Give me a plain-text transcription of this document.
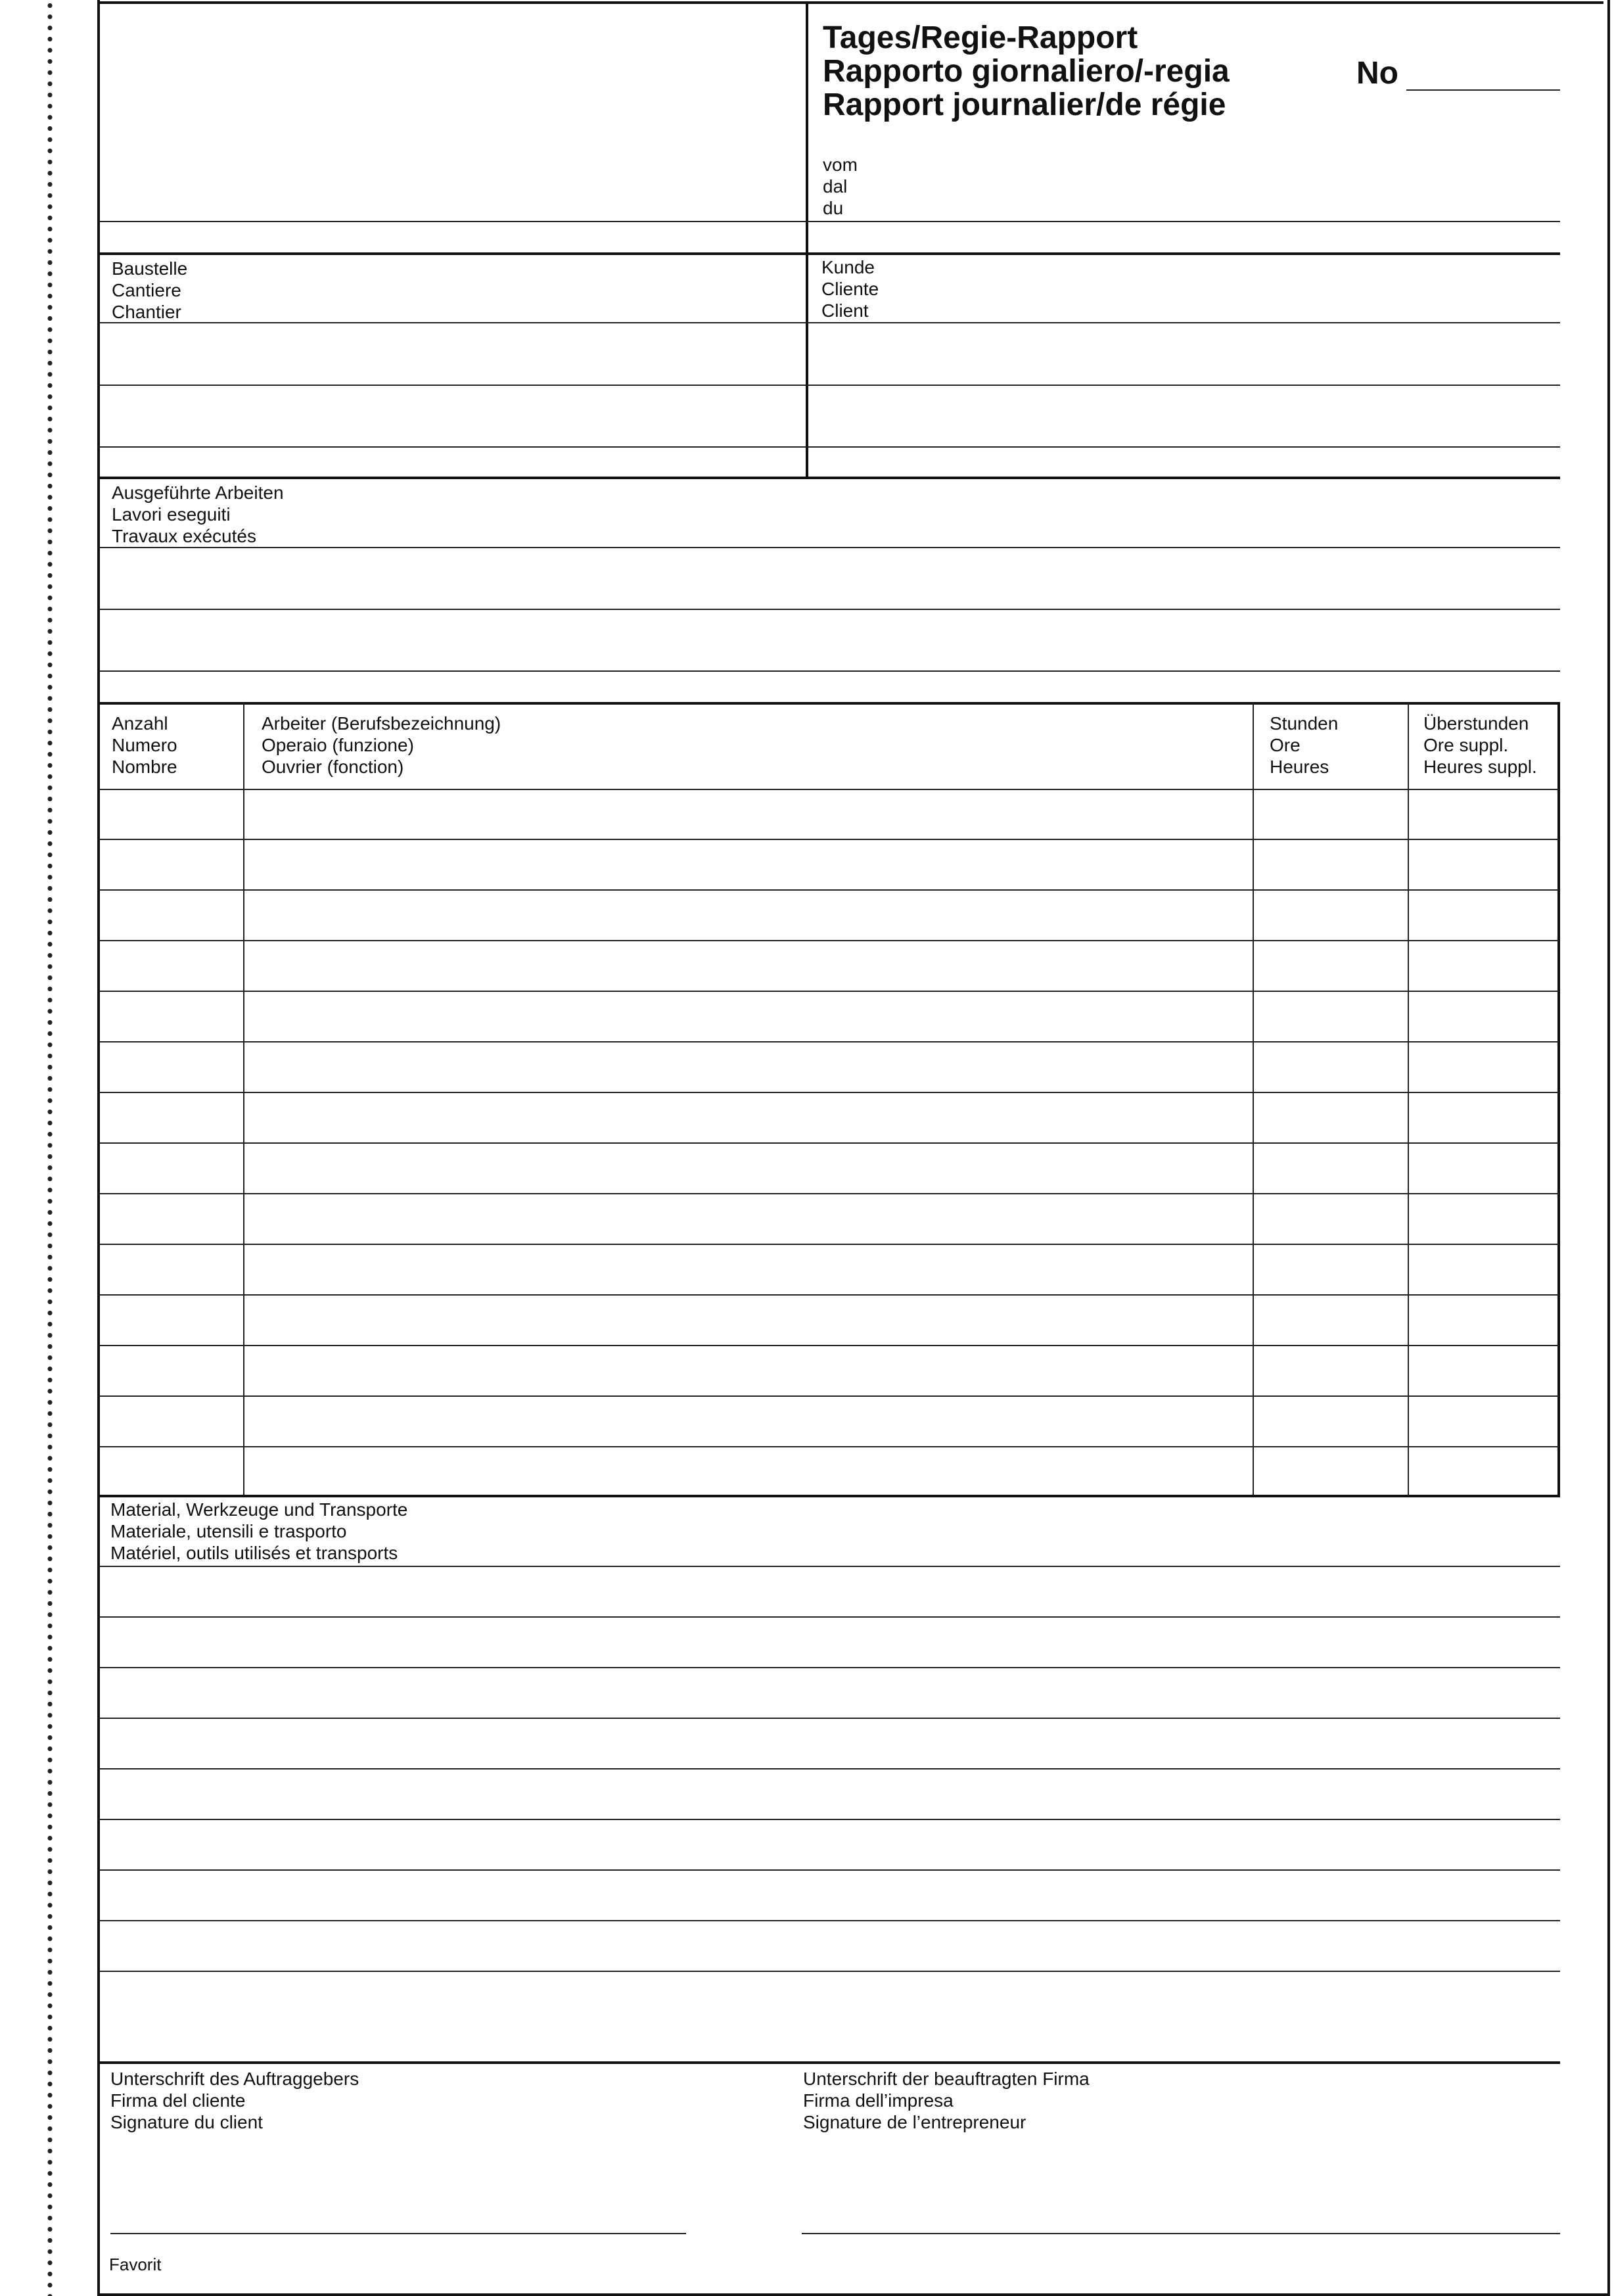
Tages/Regie-Rapport
Rapporto giornaliero/-regia
Rapport journalier/de régie
No
vom
dal
du
Baustelle
Cantiere
Chantier
Kunde
Cliente
Client
Ausgeführte Arbeiten
Lavori eseguiti
Travaux exécutés
Anzahl
Numero
Nombre
Arbeiter (Berufsbezeichnung)
Operaio (funzione)
Ouvrier (fonction)
Stunden
Ore
Heures
Überstunden
Ore suppl.
Heures suppl.
Material, Werkzeuge und Transporte
Materiale, utensili e trasporto
Matériel, outils utilisés et transports
Unterschrift des Auftraggebers
Firma del cliente
Signature du client
Unterschrift der beauftragten Firma
Firma dell’impresa
Signature de l’entrepreneur
Favorit
